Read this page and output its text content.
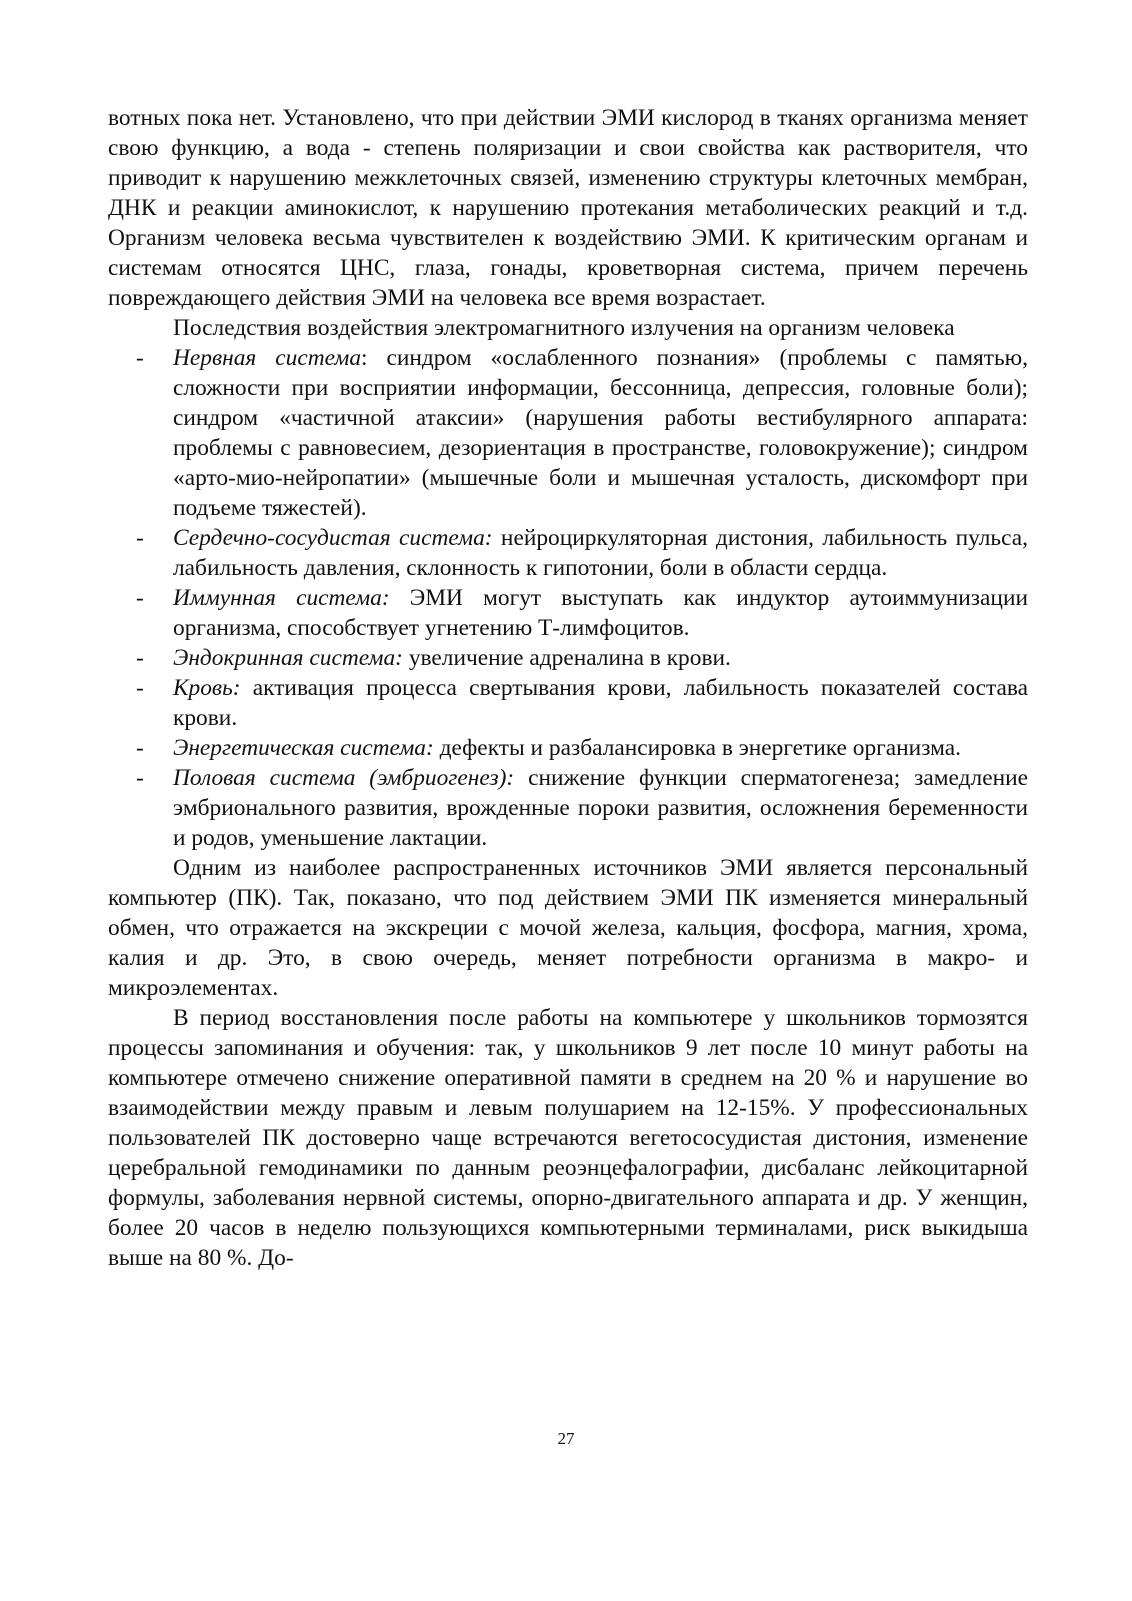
вотных пока нет. Установлено, что при действии ЭМИ кислород в тканях организма меняет свою функцию, а вода - степень поляризации и свои свойства как растворителя, что приводит к нарушению межклеточных связей, изменению структуры клеточных мембран, ДНК и реакции аминокислот, к нарушению протекания метаболических реакций и т.д. Организм человека весьма чувствителен к воздействию ЭМИ. К критическим органам и системам относятся ЦНС, глаза, гонады, кроветворная система, причем перечень повреждающего действия ЭМИ на человека все время возрастает.

Последствия воздействия электромагнитного излучения на организм человека

- Нервная система: синдром «ослабленного познания» (проблемы с памятью, сложности при восприятии информации, бессонница, депрессия, головные боли); синдром «частичной атаксии» (нарушения работы вестибулярного аппарата: проблемы с равновесием, дезориентация в пространстве, головокружение); синдром «арто-мио-нейропатии» (мышечные боли и мышечная усталость, дискомфорт при подъеме тяжестей).
- Сердечно-сосудистая система: нейроциркуляторная дистония, лабильность пульса, лабильность давления, склонность к гипотонии, боли в области сердца.
- Иммунная система: ЭМИ могут выступать как индуктор аутоиммунизации организма, способствует угнетению Т-лимфоцитов.
- Эндокринная система: увеличение адреналина в крови.
- Кровь: активация процесса свертывания крови, лабильность показателей состава крови.
- Энергетическая система: дефекты и разбалансировка в энергетике организма.
- Половая система (эмбриогенез): снижение функции сперматогенеза; замедление эмбрионального развития, врожденные пороки развития, осложнения беременности и родов, уменьшение лактации.

Одним из наиболее распространенных источников ЭМИ является персональный компьютер (ПК). Так, показано, что под действием ЭМИ ПК изменяется минеральный обмен, что отражается на экскреции с мочой железа, кальция, фосфора, магния, хрома, калия и др. Это, в свою очередь, меняет потребности организма в макро- и микроэлементах.

В период восстановления после работы на компьютере у школьников тормозятся процессы запоминания и обучения: так, у школьников 9 лет после 10 минут работы на компьютере отмечено снижение оперативной памяти в среднем на 20 % и нарушение во взаимодействии между правым и левым полушарием на 12-15%. У профессиональных пользователей ПК достоверно чаще встречаются вегетососудистая дистония, изменение церебральной гемодинамики по данным реоэнцефалографии, дисбаланс лейкоцитарной формулы, заболевания нервной системы, опорно-двигательного аппарата и др. У женщин, более 20 часов в неделю пользующихся компьютерными терминалами, риск выкидыша выше на 80 %. До-

27
